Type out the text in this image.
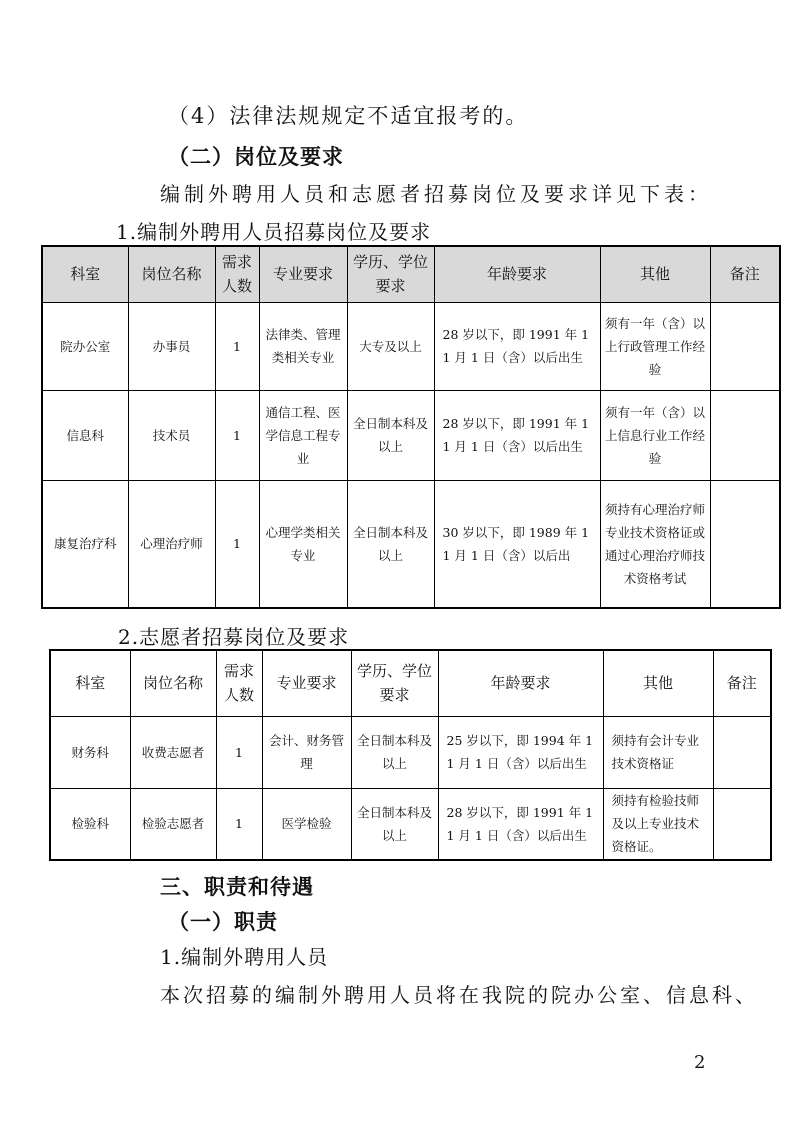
（4）法律法规规定不适宜报考的。
（二）岗位及要求
编制外聘用人员和志愿者招募岗位及要求详见下表：
1.编制外聘用人员招募岗位及要求
科室	岗位名称	需求人数	专业要求	学历、学位要求	年龄要求	其他	备注
院办公室	办事员	1	法律类、管理类相关专业	大专及以上	28 岁以下，即 1991 年 11 月 1 日（含）以后出生	须有一年（含）以上行政管理工作经验	
信息科	技术员	1	通信工程、医学信息工程专业	全日制本科及以上	28 岁以下，即 1991 年 11 月 1 日（含）以后出生	须有一年（含）以上信息行业工作经验	
康复治疗科	心理治疗师	1	心理学类相关专业	全日制本科及以上	30 岁以下，即 1989 年 11 月 1 日（含）以后出	须持有心理治疗师专业技术资格证或通过心理治疗师技术资格考试	
2.志愿者招募岗位及要求
科室	岗位名称	需求人数	专业要求	学历、学位要求	年龄要求	其他	备注
财务科	收费志愿者	1	会计、财务管理	全日制本科及以上	25 岁以下，即 1994 年 11 月 1 日（含）以后出生	须持有会计专业技术资格证	
检验科	检验志愿者	1	医学检验	全日制本科及以上	28 岁以下，即 1991 年 11 月 1 日（含）以后出生	须持有检验技师及以上专业技术资格证。	
三、职责和待遇
（一）职责
1.编制外聘用人员
本次招募的编制外聘用人员将在我院的院办公室、信息科、
2
